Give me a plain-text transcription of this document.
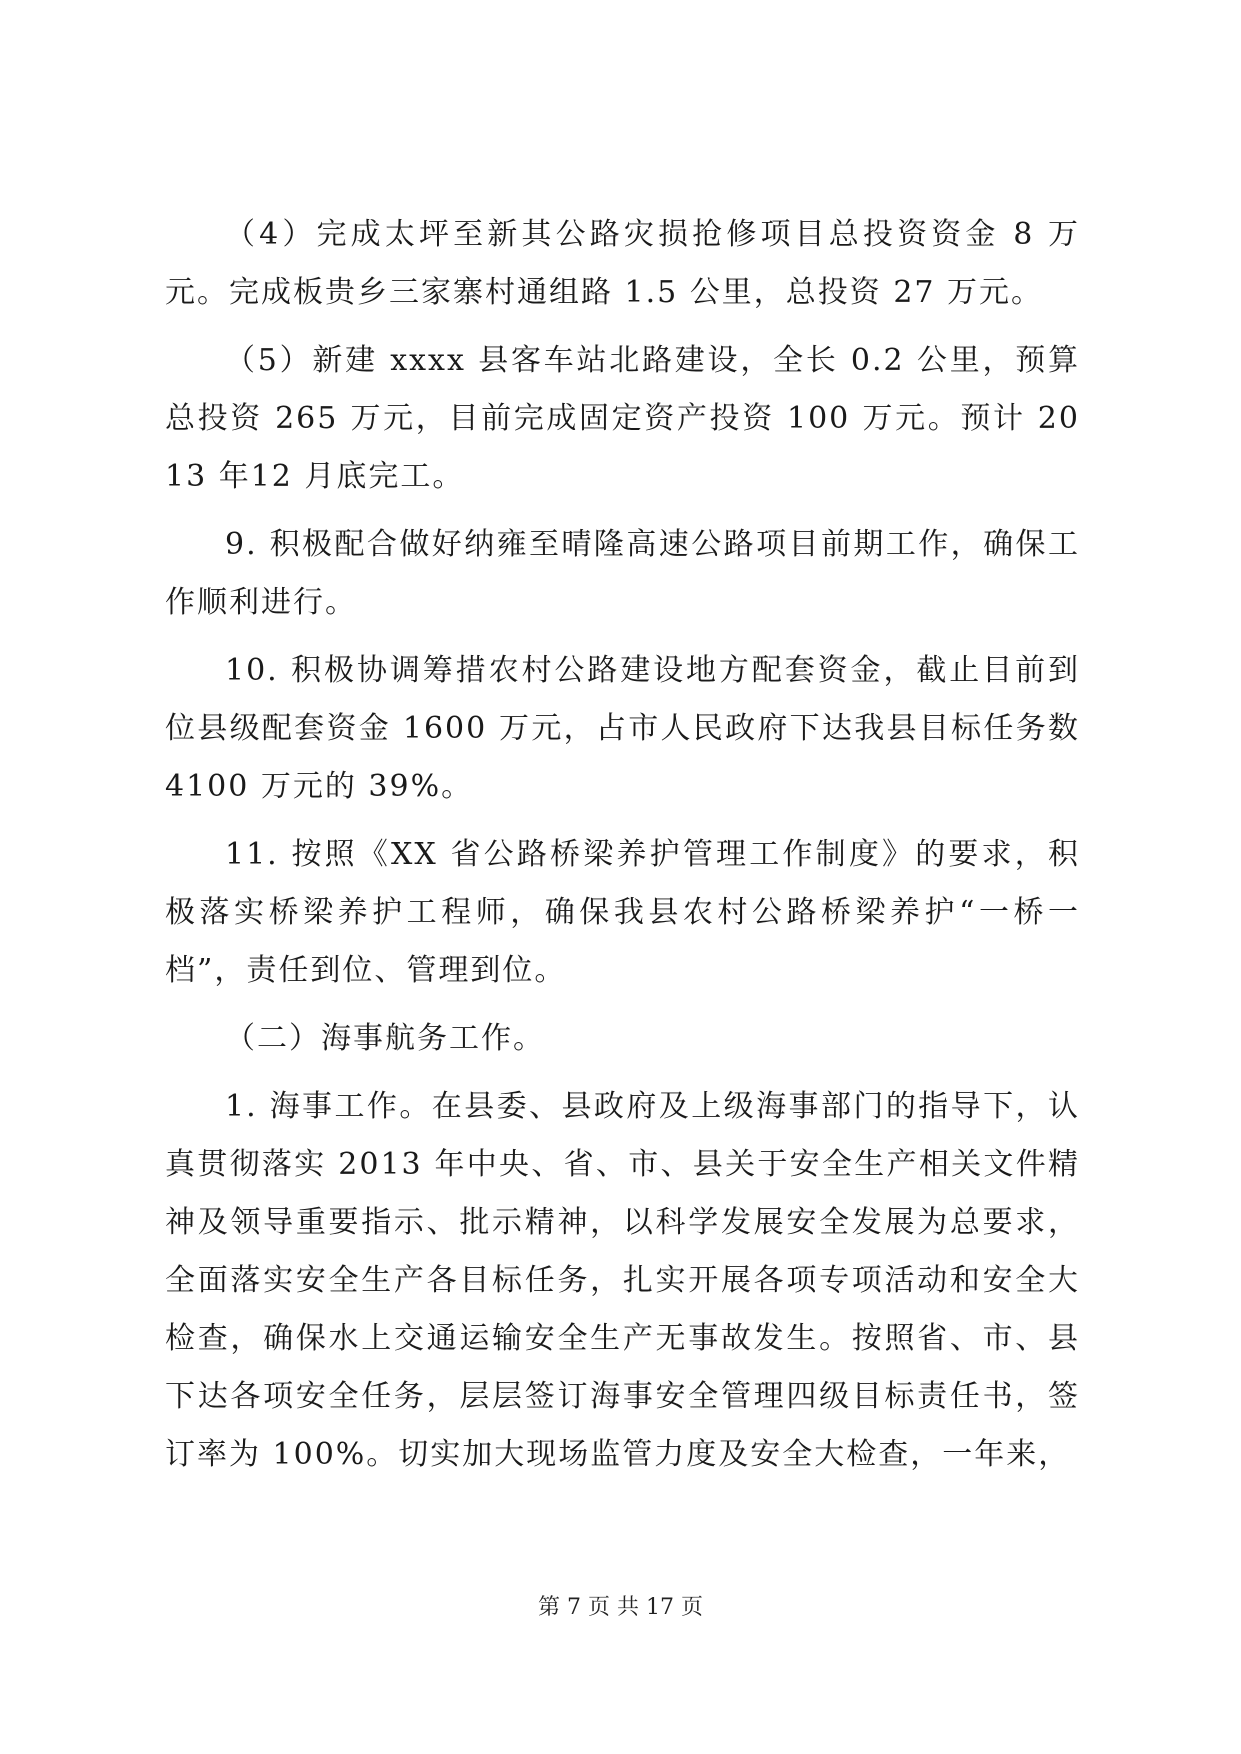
（4）完成太坪至新其公路灾损抢修项目总投资资金 8 万元。完成板贵乡三家寨村通组路 1.5 公里，总投资 27 万元。

（5）新建 xxxx 县客车站北路建设，全长 0.2 公里，预算总投资 265 万元，目前完成固定资产投资 100 万元。预计 2013 年12 月底完工。

9. 积极配合做好纳雍至晴隆高速公路项目前期工作，确保工作顺利进行。

10. 积极协调筹措农村公路建设地方配套资金，截止目前到位县级配套资金 1600 万元，占市人民政府下达我县目标任务数4100 万元的 39%。

11. 按照《XX 省公路桥梁养护管理工作制度》的要求，积极落实桥梁养护工程师，确保我县农村公路桥梁养护“一桥一档”，责任到位、管理到位。

（二）海事航务工作。

1. 海事工作。在县委、县政府及上级海事部门的指导下，认真贯彻落实 2013 年中央、省、市、县关于安全生产相关文件精神及领导重要指示、批示精神，以科学发展安全发展为总要求，全面落实安全生产各目标任务，扎实开展各项专项活动和安全大检查，确保水上交通运输安全生产无事故发生。按照省、市、县下达各项安全任务，层层签订海事安全管理四级目标责任书，签订率为 100%。切实加大现场监管力度及安全大检查，一年来，

第 7 页 共 17 页
